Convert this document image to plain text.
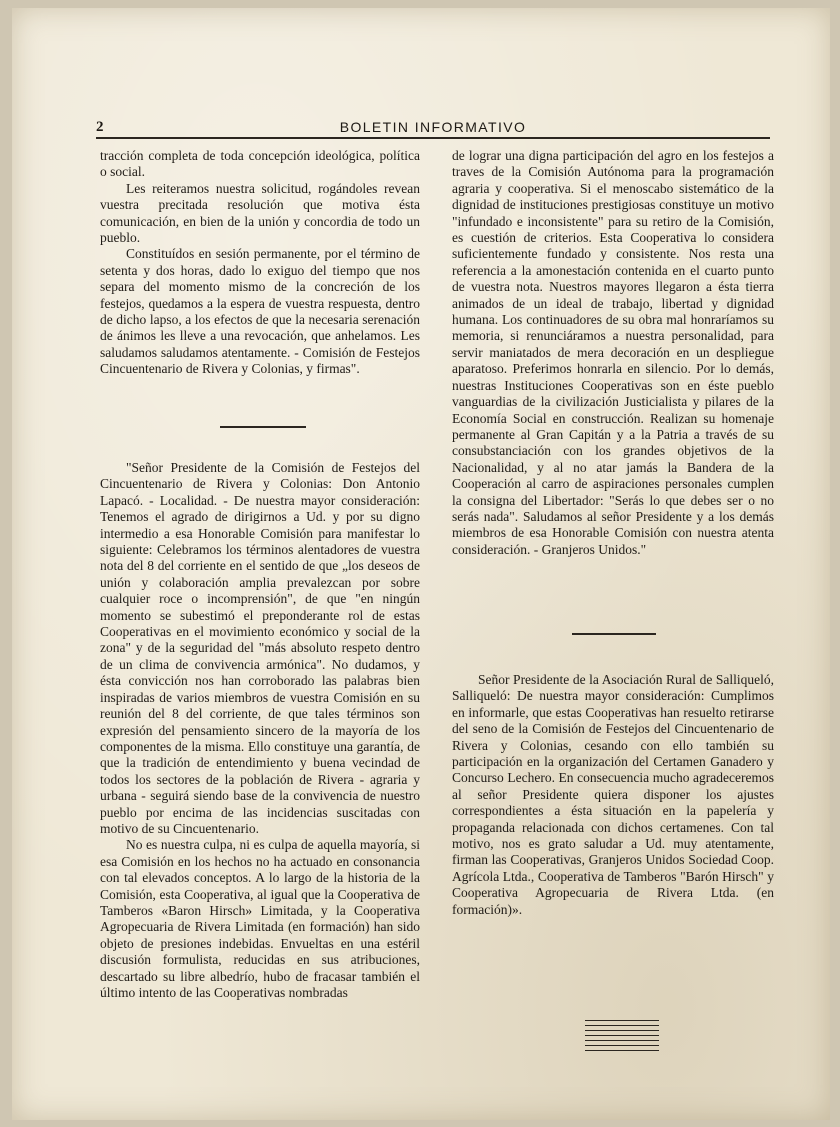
2	BOLETIN INFORMATIVO

tracción completa de toda concepción ideológica, política o social.

Les reiteramos nuestra solicitud, rogándoles revean vuestra precitada resolución que motiva ésta comunicación, en bien de la unión y concordia de todo un pueblo.

Constituídos en sesión permanente, por el término de setenta y dos horas, dado lo exiguo del tiempo que nos separa del momento mismo de la concreción de los festejos, quedamos a la espera de vuestra respuesta, dentro de dicho lapso, a los efectos de que la necesaria serenación de ánimos les lleve a una revocación, que anhelamos. Les saludamos saludamos atentamente. - Comisión de Festejos Cincuentenario de Rivera y Colonias, y firmas".

"Señor Presidente de la Comisión de Festejos del Cincuentenario de Rivera y Colonias: Don Antonio Lapacó. - Localidad. - De nuestra mayor consideración: Tenemos el agrado de dirigirnos a Ud. y por su digno intermedio a esa Honorable Comisión para manifestar lo siguiente: Celebramos los términos alentadores de vuestra nota del 8 del corriente en el sentido de que „los deseos de unión y colaboración amplia prevalezcan por sobre cualquier roce o incomprensión", de que "en ningún momento se subestimó el preponderante rol de estas Cooperativas en el movimiento económico y social de la zona" y de la seguridad del "más absoluto respeto dentro de un clima de convivencia armónica". No dudamos, y ésta convicción nos han corroborado las palabras bien inspiradas de varios miembros de vuestra Comisión en su reunión del 8 del corriente, de que tales términos son expresión del pensamiento sincero de la mayoría de los componentes de la misma. Ello constituye una garantía, de que la tradición de entendimiento y buena vecindad de todos los sectores de la población de Rivera - agraria y urbana - seguirá siendo base de la convivencia de nuestro pueblo por encima de las incidencias suscitadas con motivo de su Cincuentenario.

No es nuestra culpa, ni es culpa de aquella mayoría, si esa Comisión en los hechos no ha actuado en consonancia con tal elevados conceptos. A lo largo de la historia de la Comisión, esta Cooperativa, al igual que la Cooperativa de Tamberos «Baron Hirsch» Limitada, y la Cooperativa Agropecuaria de Rivera Limitada (en formación) han sido objeto de presiones indebidas. Envueltas en una estéril discusión formulista, reducidas en sus atribuciones, descartado su libre albedrío, hubo de fracasar también el último intento de las Cooperativas nombradas

de lograr una digna participación del agro en los festejos a traves de la Comisión Autónoma para la programación agraria y cooperativa. Si el menoscabo sistemático de la dignidad de instituciones prestigiosas constituye un motivo "infundado e inconsistente" para su retiro de la Comisión, es cuestión de criterios. Esta Cooperativa lo considera suficientemente fundado y consistente. Nos resta una referencia a la amonestación contenida en el cuarto punto de vuestra nota. Nuestros mayores llegaron a ésta tierra animados de un ideal de trabajo, libertad y dignidad humana. Los continuadores de su obra mal honraríamos su memoria, si renunciáramos a nuestra personalidad, para servir maniatados de mera decoración en un despliegue aparatoso. Preferimos honrarla en silencio. Por lo demás, nuestras Instituciones Cooperativas son en éste pueblo vanguardias de la civilización Justicialista y pilares de la Economía Social en construcción. Realizan su homenaje permanente al Gran Capitán y a la Patria a través de su consubstanciación con los grandes objetivos de la Nacionalidad, y al no atar jamás la Bandera de la Cooperación al carro de aspiraciones personales cumplen la consigna del Libertador: "Serás lo que debes ser o no serás nada". Saludamos al señor Presidente y a los demás miembros de esa Honorable Comisión con nuestra atenta consideración. - Granjeros Unidos."

Señor Presidente de la Asociación Rural de Salliqueló, Salliqueló: De nuestra mayor consideración: Cumplimos en informarle, que estas Cooperativas han resuelto retirarse del seno de la Comisión de Festejos del Cincuentenario de Rivera y Colonias, cesando con ello también su participación en la organización del Certamen Ganadero y Concurso Lechero. En consecuencia mucho agradeceremos al señor Presidente quiera disponer los ajustes correspondientes a ésta situación en la papelería y propaganda relacionada con dichos certamenes. Con tal motivo, nos es grato saludar a Ud. muy atentamente, firman las Cooperativas, Granjeros Unidos Sociedad Coop. Agrícola Ltda., Cooperativa de Tamberos "Barón Hirsch" y Cooperativa Agropecuaria de Rivera Ltda. (en formación)».
